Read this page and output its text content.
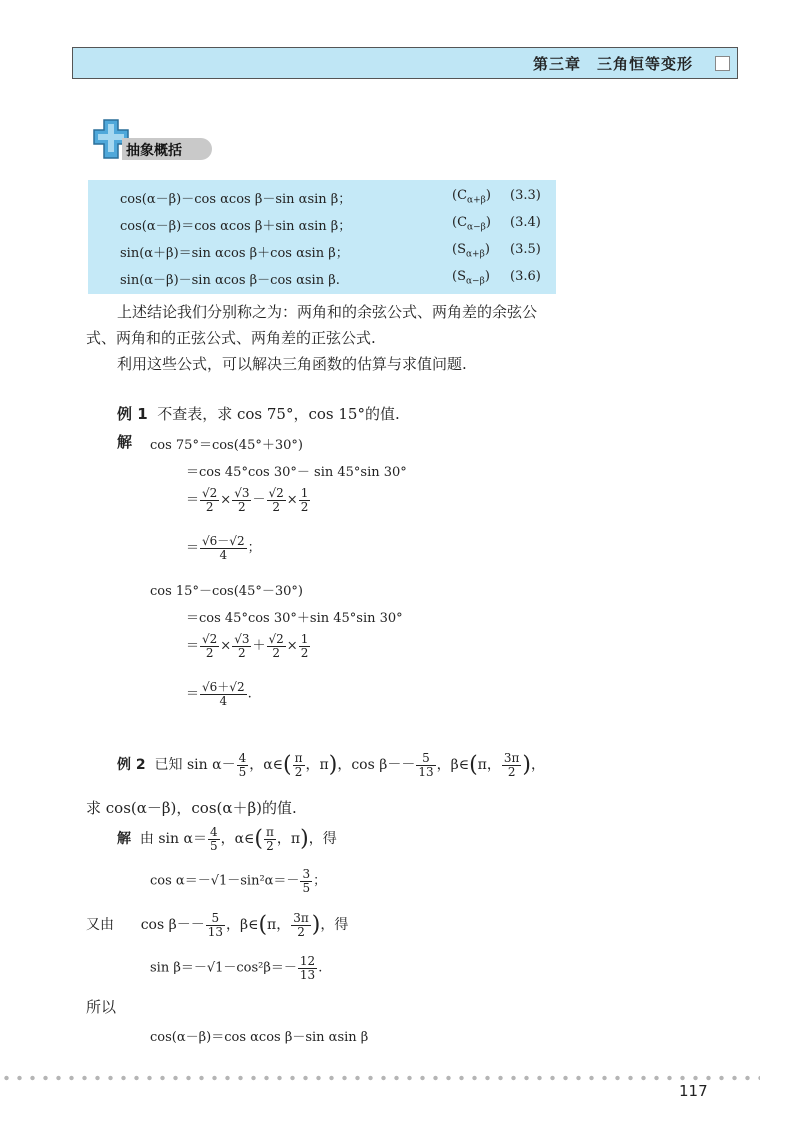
第三章　三角恒等变形
抽象概括
cos(α－β)－cos αcos β－sin αsin β；	$(C_{\alpha+\beta})$ (3.3)
cos(α－β)＝cos αcos β＋sin αsin β；	$(C_{\alpha-\beta})$ (3.4)
sin(α＋β)＝sin αcos β＋cos αsin β；	$(S_{\alpha+\beta})$ (3.5)
sin(α－β)－sin αcos β－cos αsin β.	$(S_{\alpha-\beta})$ (3.6)
上述结论我们分别称之为：两角和的余弦公式、两角差的余弦公
式、两角和的正弦公式、两角差的正弦公式.
利用这些公式，可以解决三角函数的估算与求值问题.
例 1 不查表，求 cos 75°，cos 15°的值.
解 cos 75°＝cos(45°＋30°)
＝cos 45°cos 30°－ sin 45°sin 30°
＝ $\frac{√2}{2} \times \frac{√3}{2} - \frac{√2}{2} \times \frac{1}{2}$
＝ $\frac{√6-√2}{4}$ ；
cos 15°－cos(45°－30°)
＝cos 45°cos 30°＋sin 45°sin 30°
＝ $\frac{√2}{2} \times \frac{√3}{2} + \frac{√2}{2} \times \frac{1}{2}$
＝ $\frac{√6+√2}{4}$ .
例 2 已知 $\sin \alpha- \frac{4}{5}$ ，α∈( $\frac{\pi}{2}$ ，π)，$\cos \beta-- \frac{5}{13}$ ，β∈(π， $\frac{3\pi}{2}$ )，
求 cos(α－β)，cos(α＋β)的值.
解 由 $\sin \alpha= \frac{4}{5}$ ，α∈( $\frac{\pi}{2}$ ，π)，得
$\cos \alpha=-√1-\sin^2\alpha=- \frac{3}{5}$ ；
又由 $\cos \beta-- \frac{5}{13}$ ，β∈(π， $\frac{3\pi}{2}$ )，得
$\sin \beta=-√1-\cos^2\beta=- \frac{12}{13}$ .
所以
cos(α－β)＝cos αcos β－sin αsin β
117
